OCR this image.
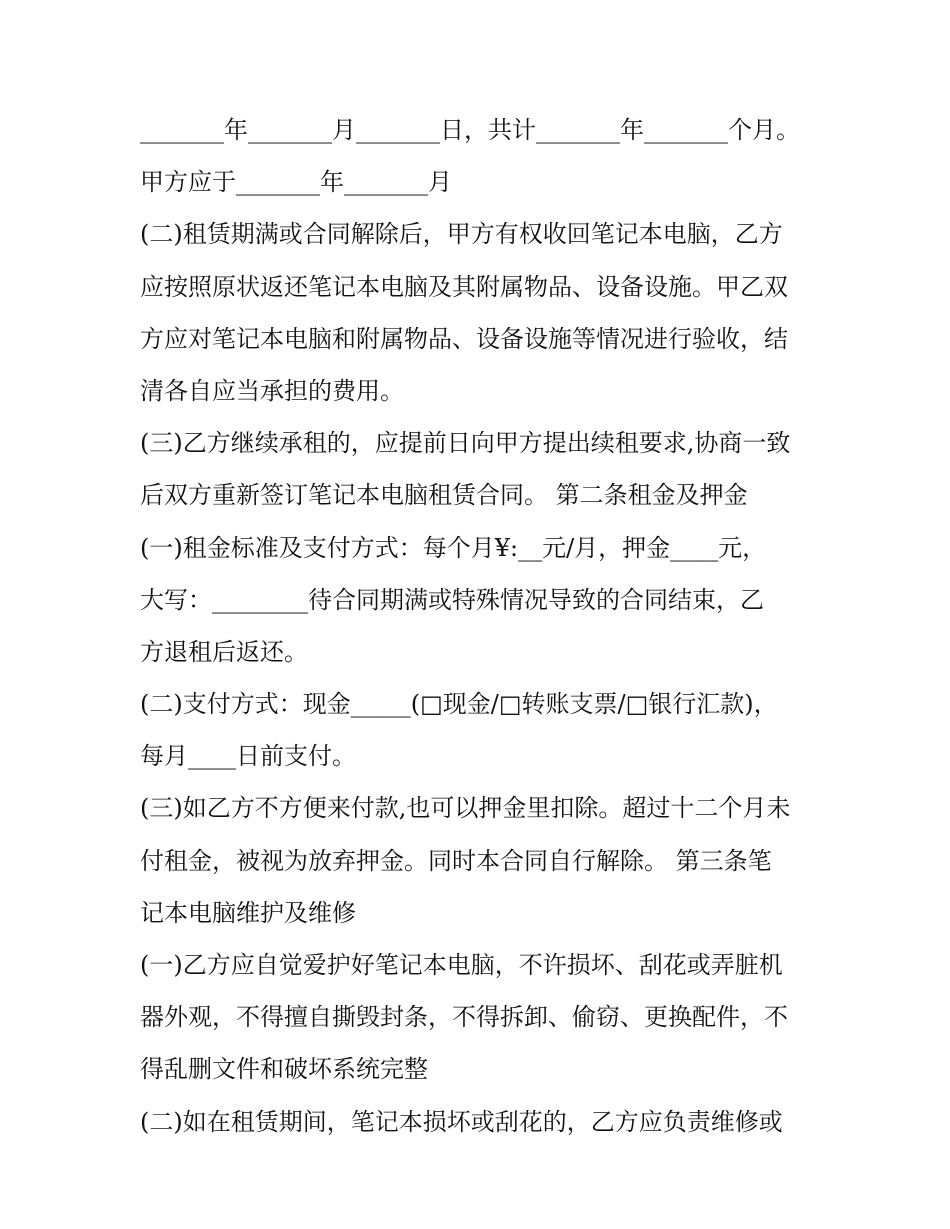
_______年_______月_______日，共计_______年_______个月。
甲方应于_______年_______月
(二)租赁期满或合同解除后，甲方有权收回笔记本电脑，乙方
应按照原状返还笔记本电脑及其附属物品、设备设施。甲乙双
方应对笔记本电脑和附属物品、设备设施等情况进行验收，结
清各自应当承担的费用。
(三)乙方继续承租的，应提前日向甲方提出续租要求,协商一致
后双方重新签订笔记本电脑租赁合同。 第二条租金及押金
(一)租金标准及支付方式：每个月¥:__元/月，押金____元，
大写：________待合同期满或特殊情况导致的合同结束，乙
方退租后返还。
(二)支付方式：现金_____(□现金/□转账支票/□银行汇款)，
每月____日前支付。
(三)如乙方不方便来付款,也可以押金里扣除。超过十二个月未
付租金，被视为放弃押金。同时本合同自行解除。 第三条笔
记本电脑维护及维修
(一)乙方应自觉爱护好笔记本电脑，不许损坏、刮花或弄脏机
器外观，不得擅自撕毁封条，不得拆卸、偷窃、更换配件，不
得乱删文件和破坏系统完整
(二)如在租赁期间，笔记本损坏或刮花的，乙方应负责维修或
